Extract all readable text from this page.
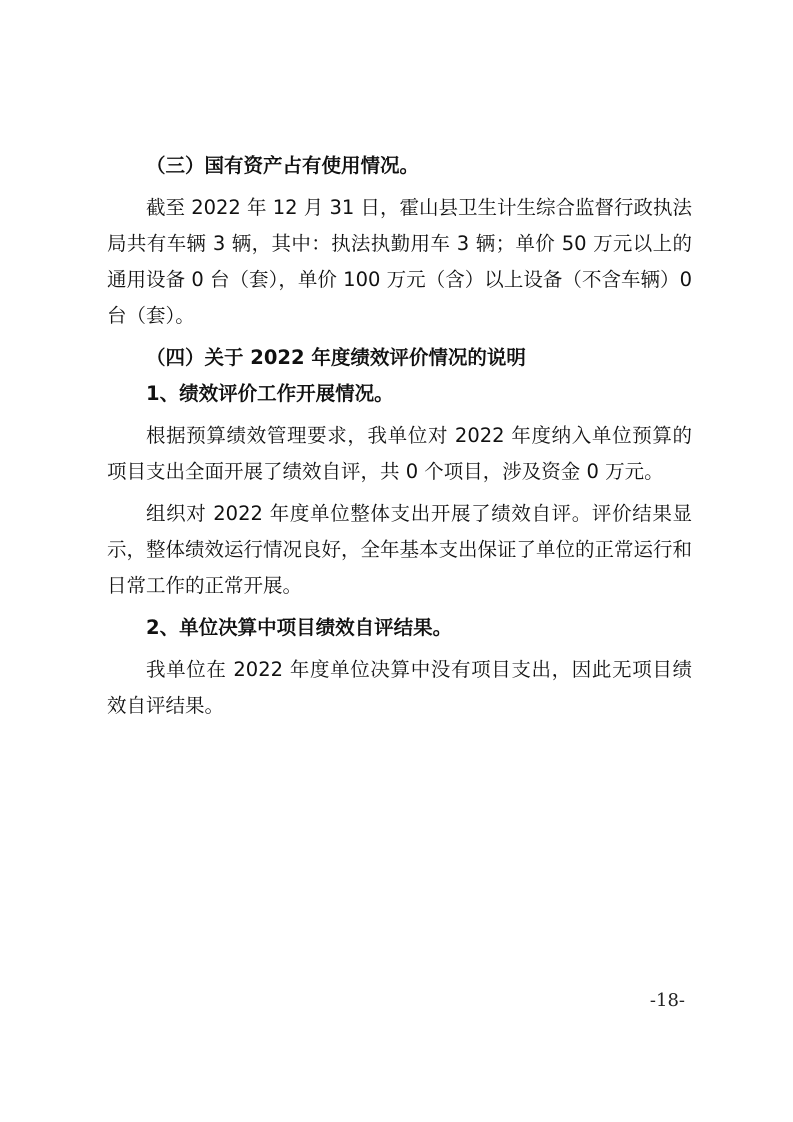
（三）国有资产占有使用情况。
截至 2022 年 12 月 31 日，霍山县卫生计生综合监督行政执法局共有车辆 3 辆，其中：执法执勤用车 3 辆；单价 50 万元以上的通用设备 0 台（套），单价 100 万元（含）以上设备（不含车辆）0 台（套）。
（四）关于 2022 年度绩效评价情况的说明
1、绩效评价工作开展情况。
根据预算绩效管理要求，我单位对 2022 年度纳入单位预算的项目支出全面开展了绩效自评，共 0 个项目，涉及资金 0 万元。
组织对 2022 年度单位整体支出开展了绩效自评。评价结果显示，整体绩效运行情况良好，全年基本支出保证了单位的正常运行和日常工作的正常开展。
2、单位决算中项目绩效自评结果。
我单位在 2022 年度单位决算中没有项目支出，因此无项目绩效自评结果。
-18-
